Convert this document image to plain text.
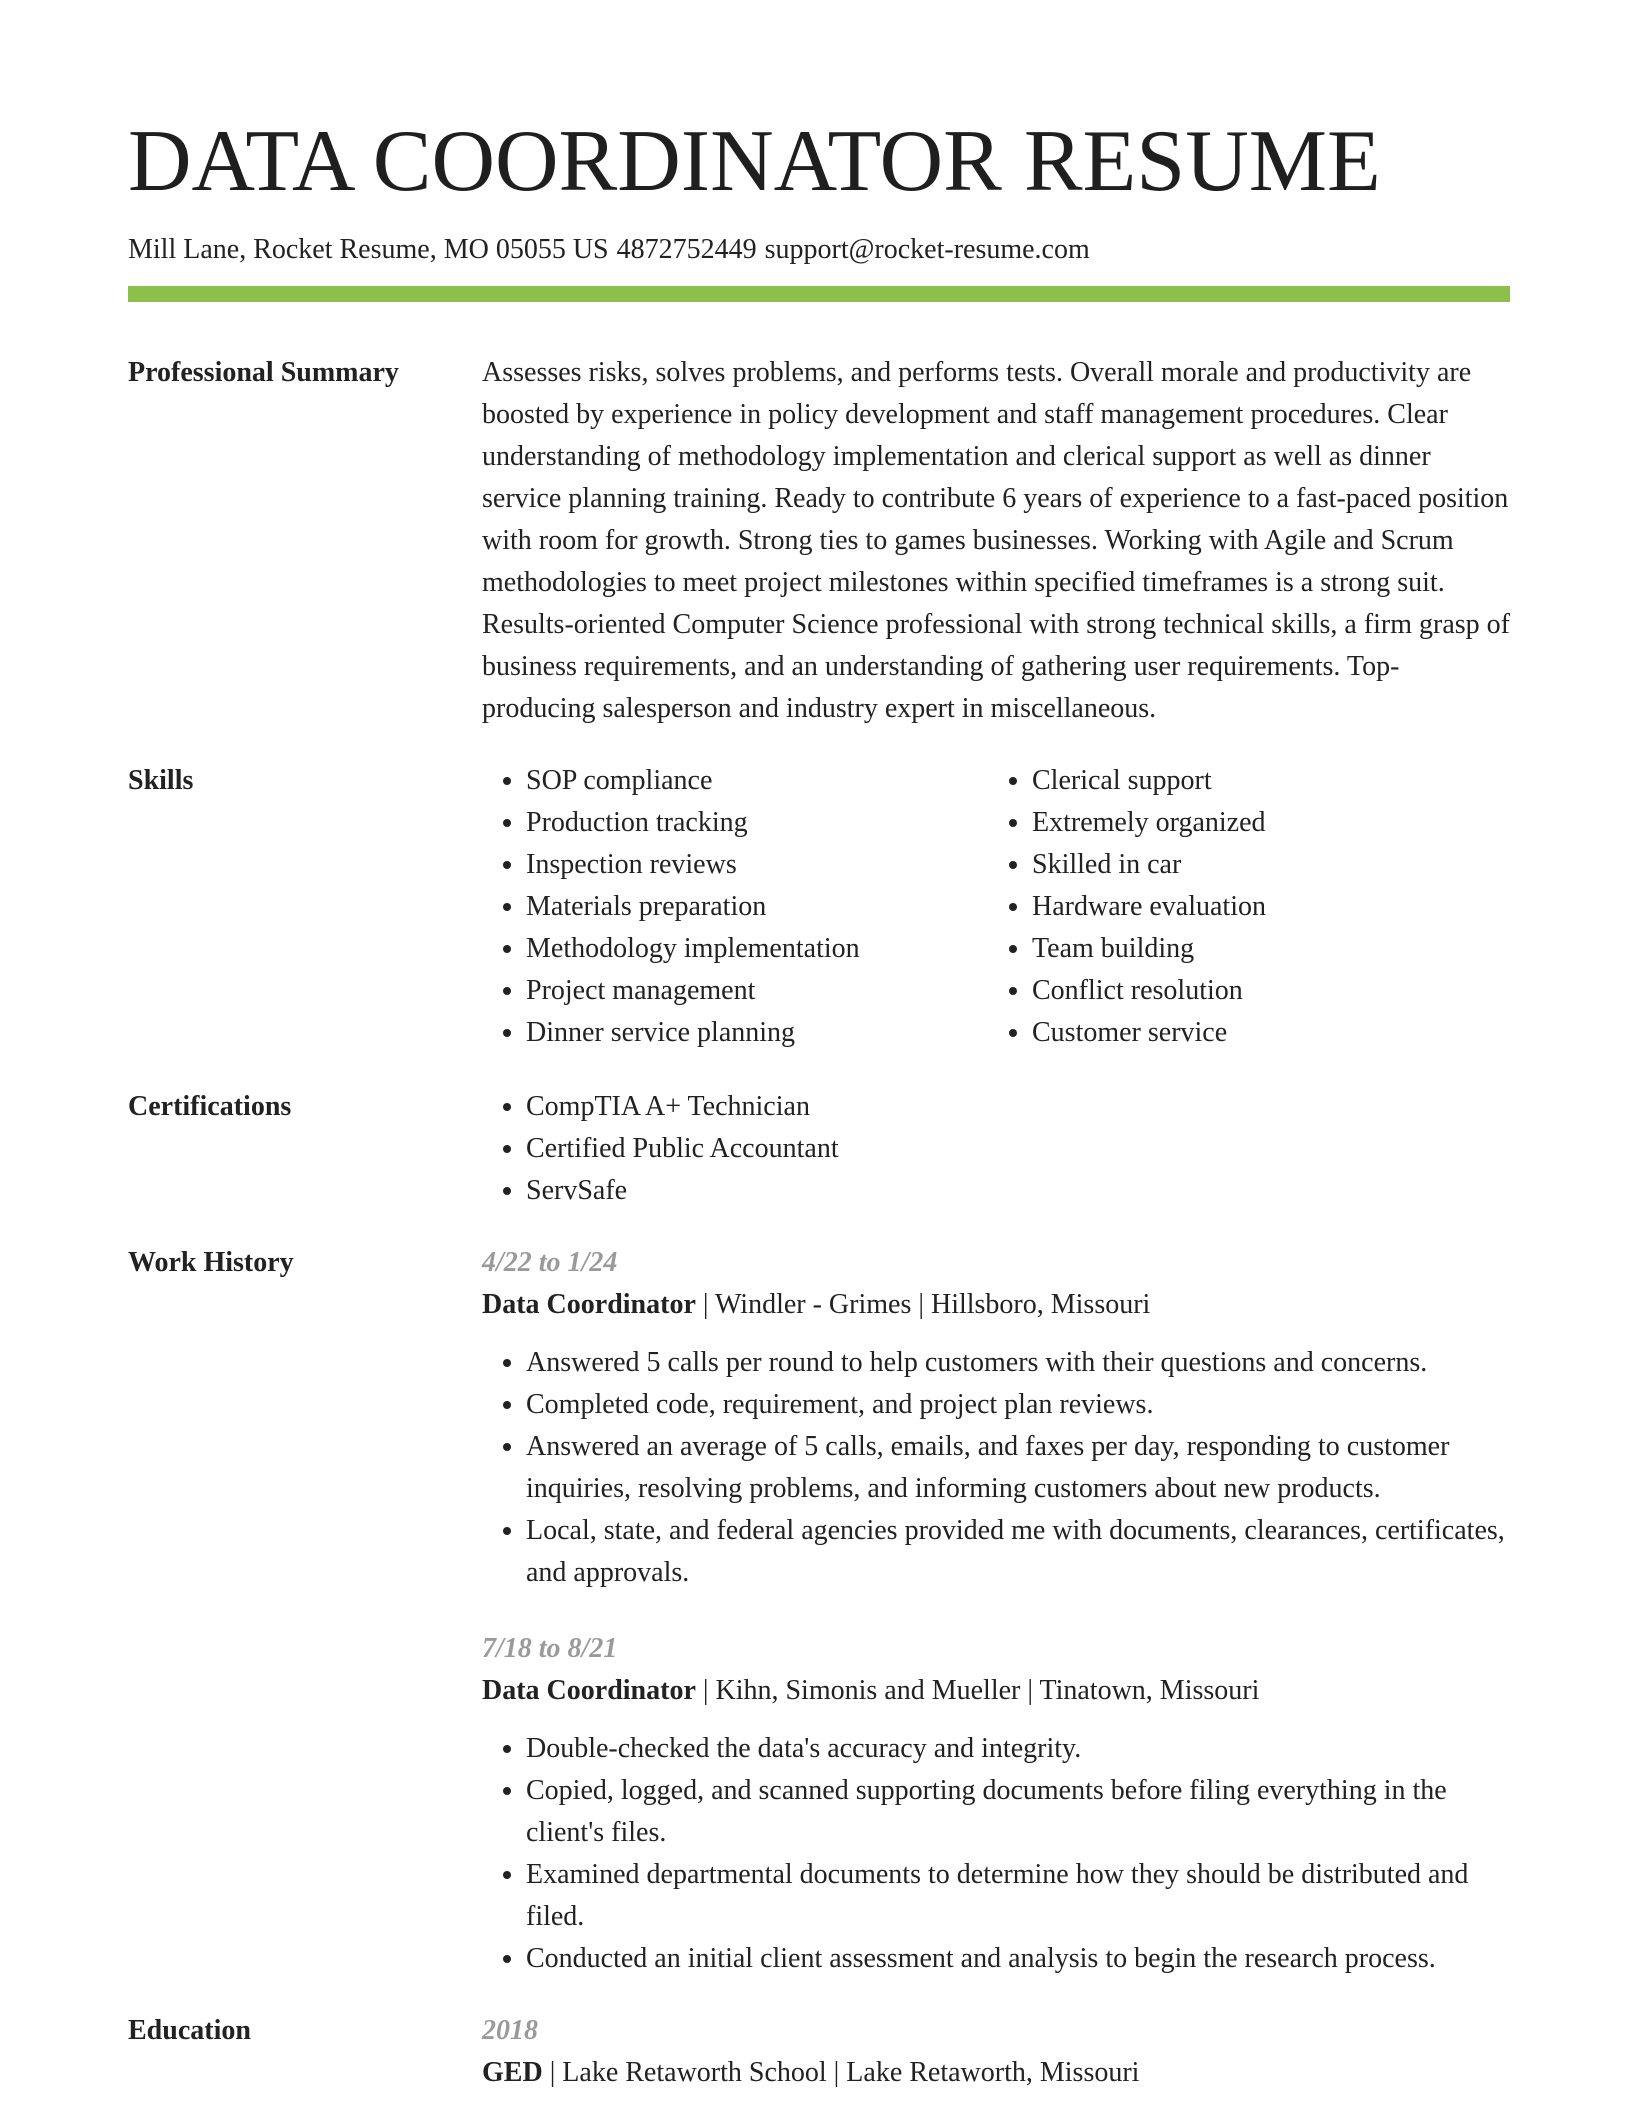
DATA COORDINATOR RESUME
Mill Lane, Rocket Resume, MO 05055 US 4872752449 support@rocket-resume.com
Professional Summary	Assesses risks, solves problems, and performs tests. Overall morale and productivity are boosted by experience in policy development and staff management procedures. Clear understanding of methodology implementation and clerical support as well as dinner service planning training. Ready to contribute 6 years of experience to a fast-paced position with room for growth. Strong ties to games businesses. Working with Agile and Scrum methodologies to meet project milestones within specified timeframes is a strong suit. Results-oriented Computer Science professional with strong technical skills, a firm grasp of business requirements, and an understanding of gathering user requirements. Top-producing salesperson and industry expert in miscellaneous.

Skills	• SOP compliance
• Production tracking
• Inspection reviews
• Materials preparation
• Methodology implementation
• Project management
• Dinner service planning
• Clerical support
• Extremely organized
• Skilled in car
• Hardware evaluation
• Team building
• Conflict resolution
• Customer service
Certifications	• CompTIA A+ Technician
• Certified Public Accountant
• ServSafe
Work History	4/22 to 1/24
Data Coordinator | Windler - Grimes | Hillsboro, Missouri
• Answered 5 calls per round to help customers with their questions and concerns.
• Completed code, requirement, and project plan reviews.
• Answered an average of 5 calls, emails, and faxes per day, responding to customer inquiries, resolving problems, and informing customers about new products.
• Local, state, and federal agencies provided me with documents, clearances, certificates, and approvals.
7/18 to 8/21
Data Coordinator | Kihn, Simonis and Mueller | Tinatown, Missouri
• Double-checked the data's accuracy and integrity.
• Copied, logged, and scanned supporting documents before filing everything in the client's files.
• Examined departmental documents to determine how they should be distributed and filed.
• Conducted an initial client assessment and analysis to begin the research process.
Education	2018
GED | Lake Retaworth School | Lake Retaworth, Missouri
